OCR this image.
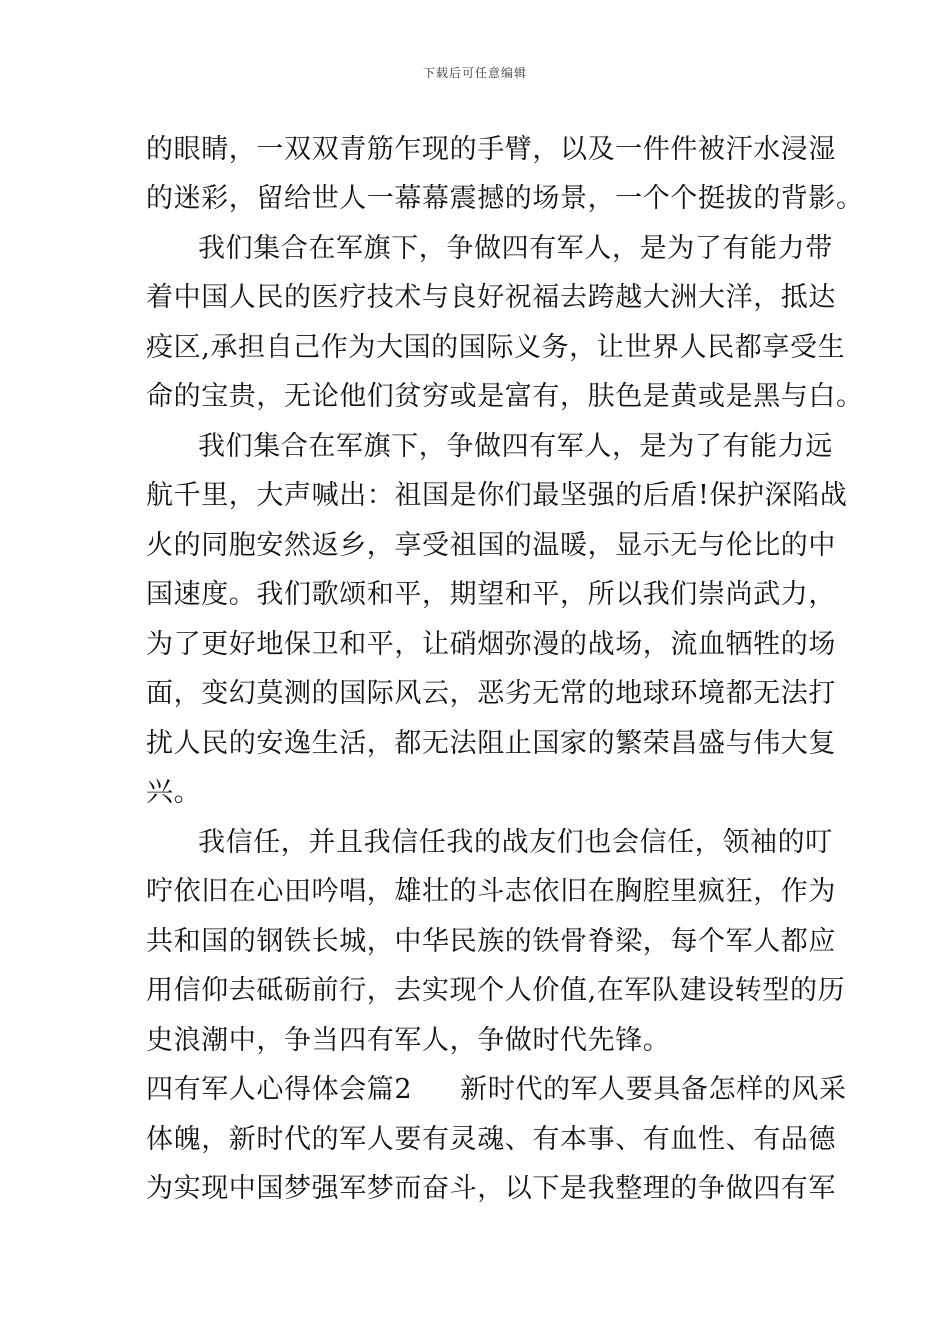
下载后可任意编辑
的眼睛，一双双青筋乍现的手臂，以及一件件被汗水浸湿
的迷彩，留给世人一幕幕震撼的场景，一个个挺拔的背影。
我们集合在军旗下，争做四有军人，是为了有能力带
着中国人民的医疗技术与良好祝福去跨越大洲大洋，抵达
疫区,承担自己作为大国的国际义务，让世界人民都享受生
命的宝贵，无论他们贫穷或是富有，肤色是黄或是黑与白。
我们集合在军旗下，争做四有军人，是为了有能力远
航千里，大声喊出：祖国是你们最坚强的后盾!保护深陷战
火的同胞安然返乡，享受祖国的温暖，显示无与伦比的中
国速度。我们歌颂和平，期望和平，所以我们崇尚武力，
为了更好地保卫和平，让硝烟弥漫的战场，流血牺牲的场
面，变幻莫测的国际风云，恶劣无常的地球环境都无法打
扰人民的安逸生活，都无法阻止国家的繁荣昌盛与伟大复
兴。
我信任，并且我信任我的战友们也会信任，领袖的叮
咛依旧在心田吟唱，雄壮的斗志依旧在胸腔里疯狂，作为
共和国的钢铁长城，中华民族的铁骨脊梁，每个军人都应
用信仰去砥砺前行，去实现个人价值,在军队建设转型的历
史浪潮中，争当四有军人，争做时代先锋。
四有军人心得体会篇2 新时代的军人要具备怎样的风采
体魄，新时代的军人要有灵魂、有本事、有血性、有品德
为实现中国梦强军梦而奋斗，以下是我整理的争做四有军
